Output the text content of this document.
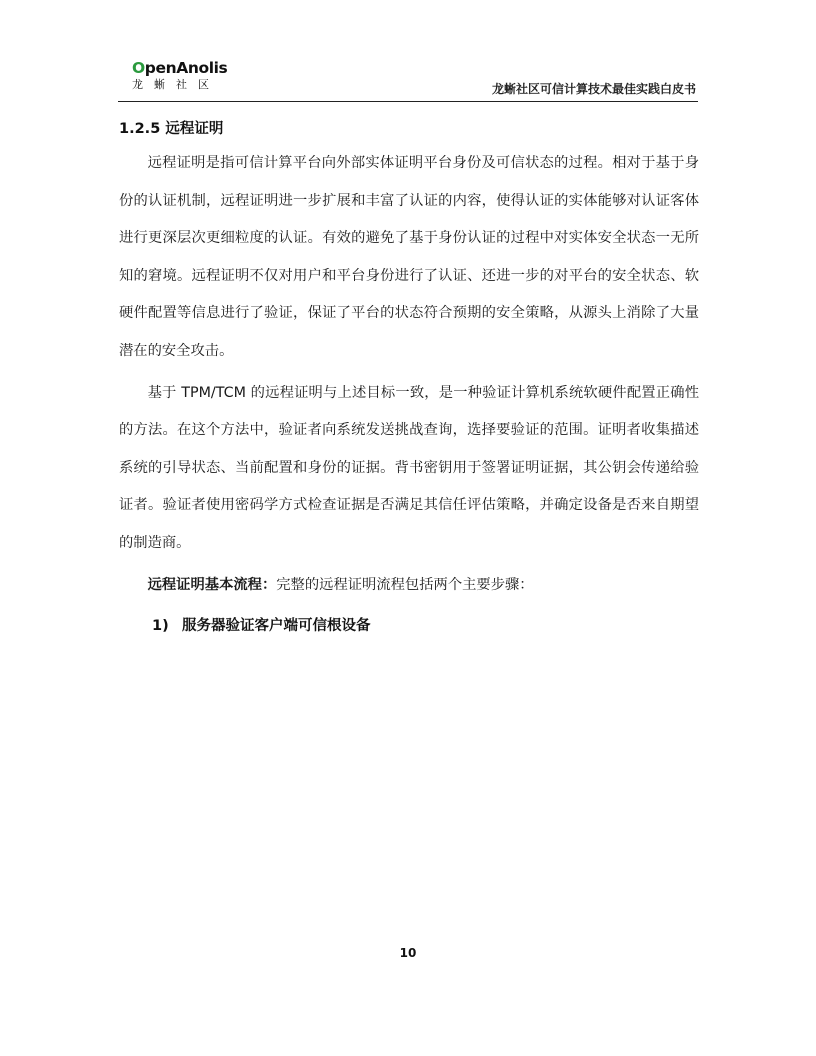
OpenAnolis
龙蜥社区	龙蜥社区可信计算技术最佳实践白皮书
1.2.5 远程证明

远程证明是指可信计算平台向外部实体证明平台身份及可信状态的过程。相对于基于身份的认证机制，远程证明进一步扩展和丰富了认证的内容，使得认证的实体能够对认证客体进行更深层次更细粒度的认证。有效的避免了基于身份认证的过程中对实体安全状态一无所知的窘境。远程证明不仅对用户和平台身份进行了认证、还进一步的对平台的安全状态、软硬件配置等信息进行了验证，保证了平台的状态符合预期的安全策略，从源头上消除了大量潜在的安全攻击。

基于 TPM/TCM 的远程证明与上述目标一致，是一种验证计算机系统软硬件配置正确性的方法。在这个方法中，验证者向系统发送挑战查询，选择要验证的范围。证明者收集描述系统的引导状态、当前配置和身份的证据。背书密钥用于签署证明证据，其公钥会传递给验证者。验证者使用密码学方式检查证据是否满足其信任评估策略，并确定设备是否来自期望的制造商。

远程证明基本流程：完整的远程证明流程包括两个主要步骤：

1) 服务器验证客户端可信根设备

10
